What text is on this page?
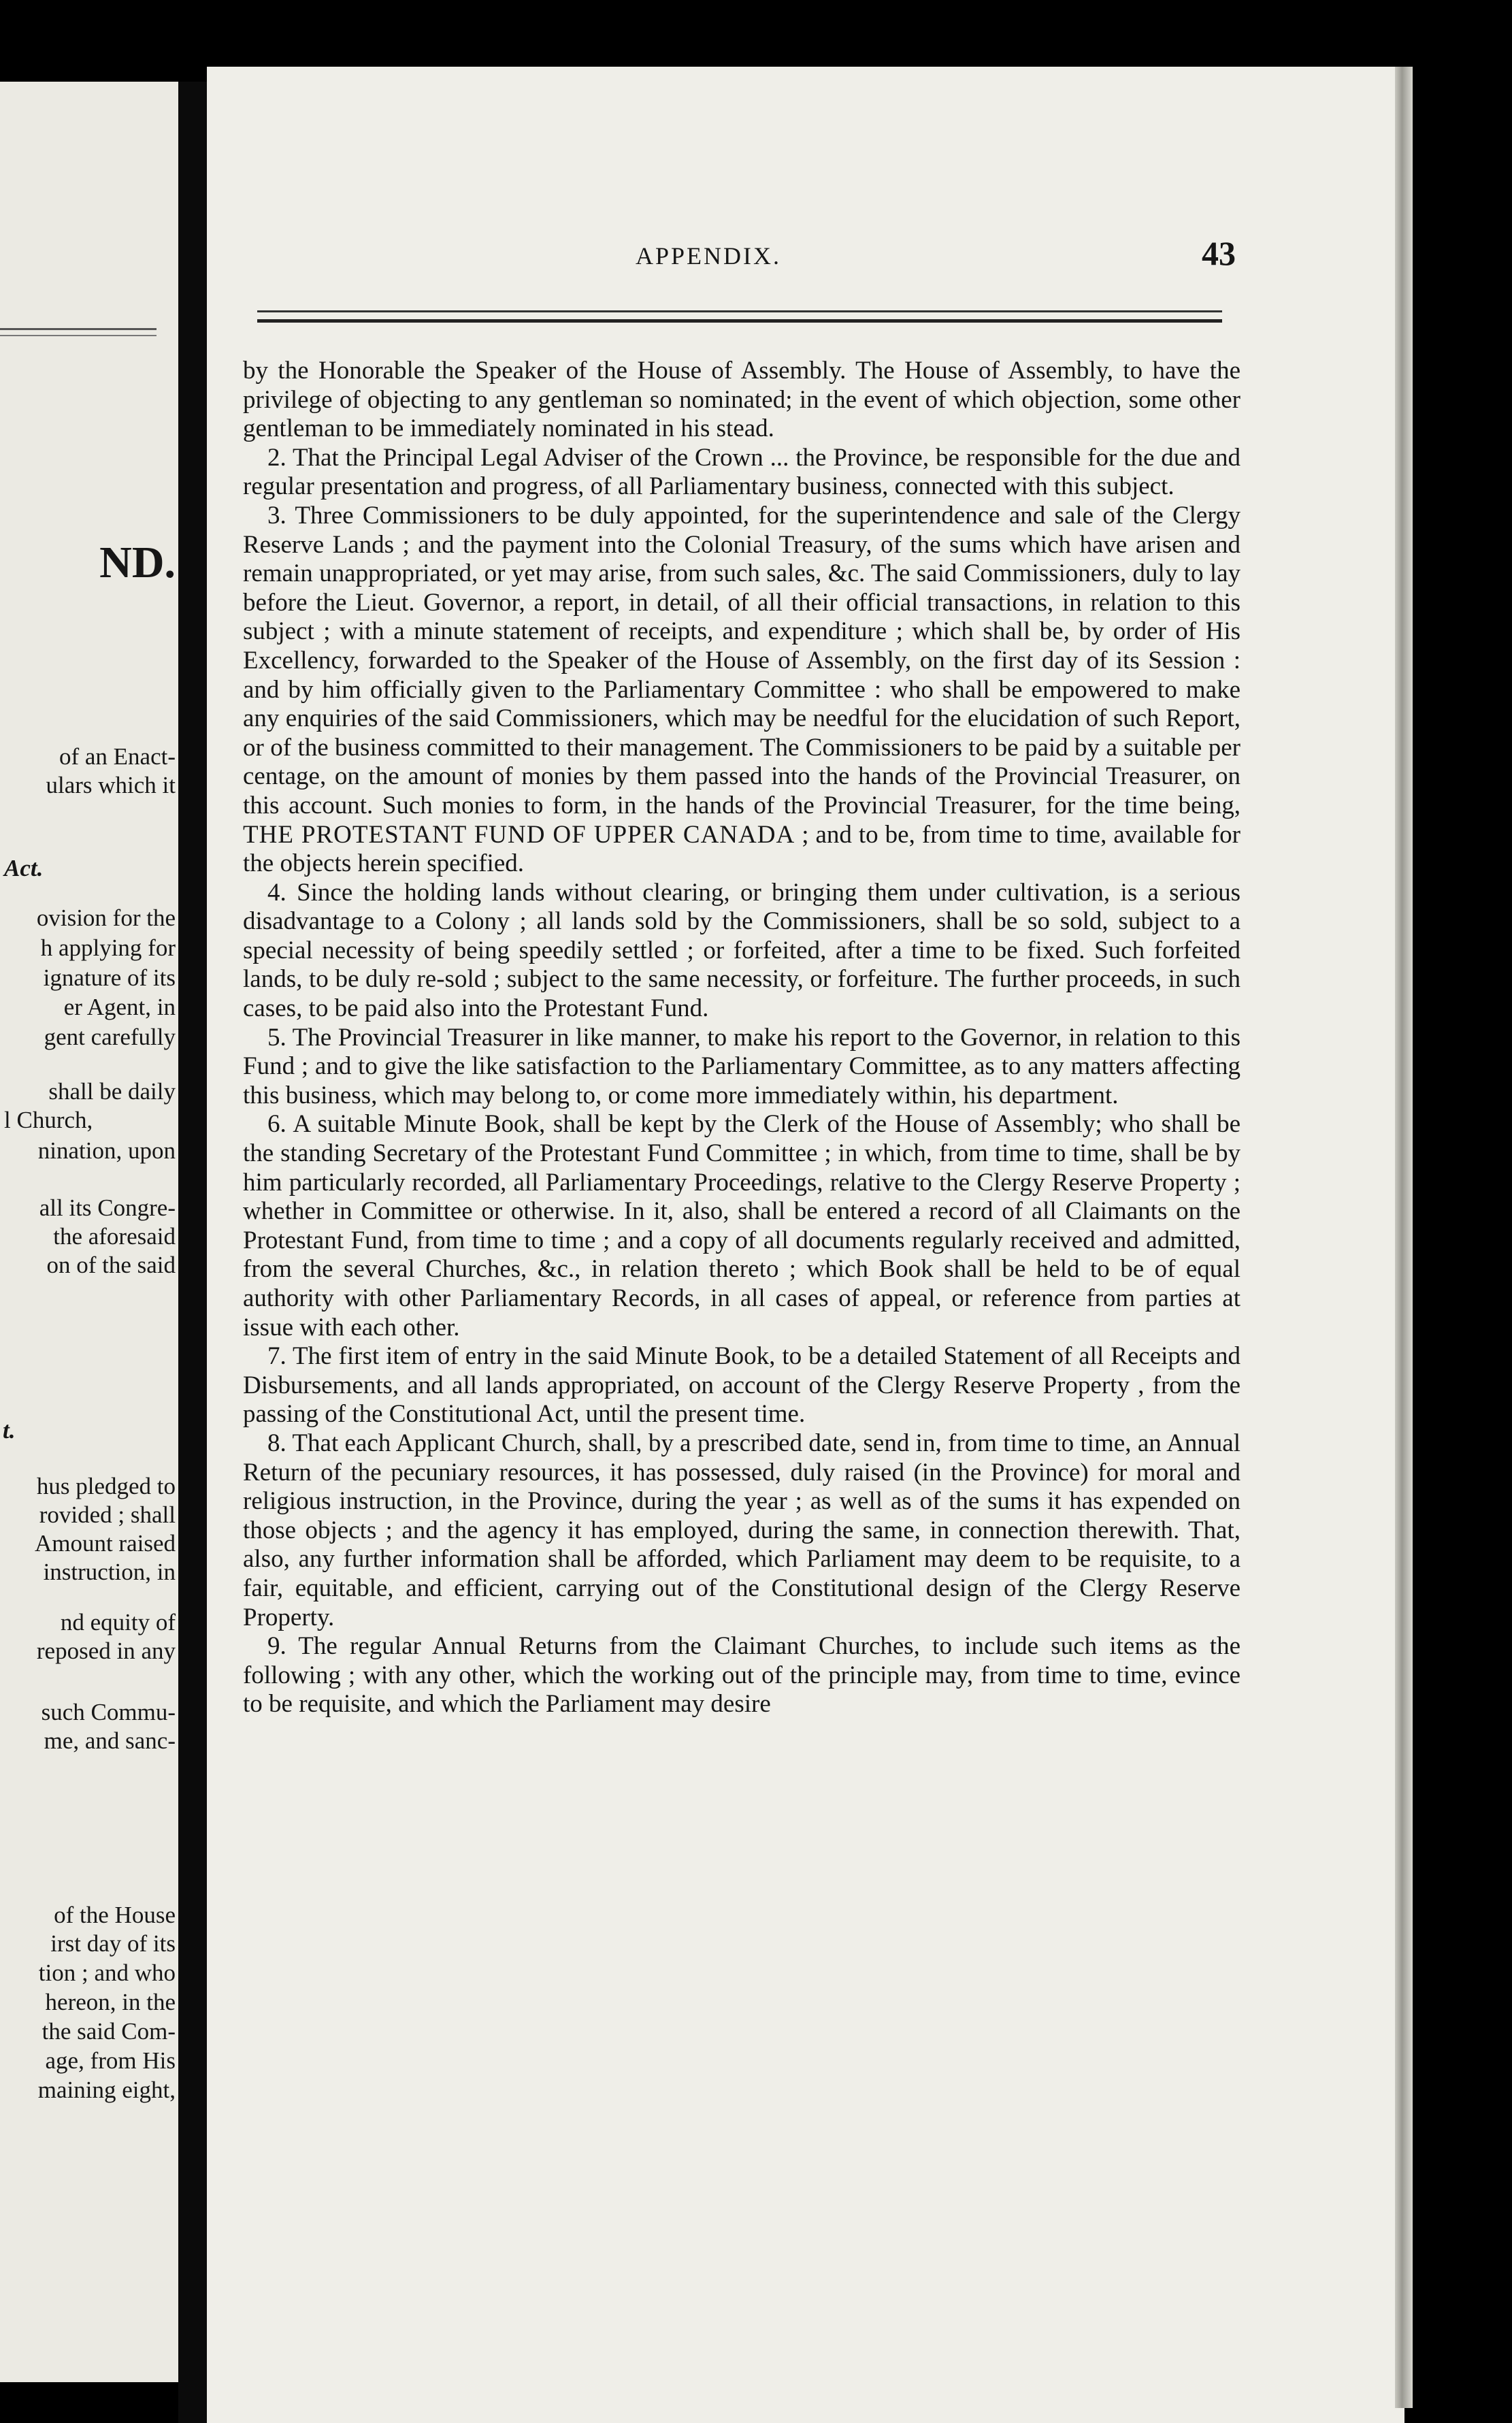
ND.
of an Enact-
ulars which it
Act.
ovision for the
h applying for
ignature of its
er Agent, in
gent carefully
shall be daily
l Church,
nination, upon
all its Congre-
the aforesaid
on of the said
t.
hus pledged to
rovided ; shall
Amount raised
instruction, in
nd equity of
reposed in any
such Commu-
me, and sanc-
of the House
irst day of its
tion ; and who
hereon, in the
the said Com-
age, from His
maining eight,
APPENDIX.	43

by the Honorable the Speaker of the House of Assembly. The House of Assembly, to have the privilege of objecting to any gentleman so nominated; in the event of which objection, some other gentleman to be immediately nominated in his stead.

2. That the Principal Legal Adviser of the Crown ... the Province, be responsible for the due and regular presentation and progress, of all Parliamentary business, connected with this subject.

3. Three Commissioners to be duly appointed, for the superintendence and sale of the Clergy Reserve Lands ; and the payment into the Colonial Treasury, of the sums which have arisen and remain unappropriated, or yet may arise, from such sales, &c. The said Commissioners, duly to lay before the Lieut. Governor, a report, in detail, of all their official transactions, in relation to this subject ; with a minute statement of receipts, and expenditure ; which shall be, by order of His Excellency, forwarded to the Speaker of the House of Assembly, on the first day of its Session : and by him officially given to the Parliamentary Committee : who shall be empowered to make any enquiries of the said Commissioners, which may be needful for the elucidation of such Report, or of the business committed to their management. The Commissioners to be paid by a suitable per centage, on the amount of monies by them passed into the hands of the Provincial Treasurer, on this account. Such monies to form, in the hands of the Provincial Treasurer, for the time being, THE PROTESTANT FUND OF UPPER CANADA ; and to be, from time to time, available for the objects herein specified.

4. Since the holding lands without clearing, or bringing them under cultivation, is a serious disadvantage to a Colony ; all lands sold by the Commissioners, shall be so sold, subject to a special necessity of being speedily settled ; or forfeited, after a time to be fixed. Such forfeited lands, to be duly re-sold ; subject to the same necessity, or forfeiture. The further proceeds, in such cases, to be paid also into the Protestant Fund.

5. The Provincial Treasurer in like manner, to make his report to the Governor, in relation to this Fund ; and to give the like satisfaction to the Parliamentary Committee, as to any matters affecting this business, which may belong to, or come more immediately within, his department.

6. A suitable Minute Book, shall be kept by the Clerk of the House of Assembly; who shall be the standing Secretary of the Protestant Fund Committee ; in which, from time to time, shall be by him particularly recorded, all Parliamentary Proceedings, relative to the Clergy Reserve Property ; whether in Committee or otherwise. In it, also, shall be entered a record of all Claimants on the Protestant Fund, from time to time ; and a copy of all documents regularly received and admitted, from the several Churches, &c., in relation thereto ; which Book shall be held to be of equal authority with other Parliamentary Records, in all cases of appeal, or reference from parties at issue with each other.

7. The first item of entry in the said Minute Book, to be a detailed Statement of all Receipts and Disbursements, and all lands appropriated, on account of the Clergy Reserve Property , from the passing of the Constitutional Act, until the present time.

8. That each Applicant Church, shall, by a prescribed date, send in, from time to time, an Annual Return of the pecuniary resources, it has possessed, duly raised (in the Province) for moral and religious instruction, in the Province, during the year ; as well as of the sums it has expended on those objects ; and the agency it has employed, during the same, in connection therewith. That, also, any further information shall be afforded, which Parliament may deem to be requisite, to a fair, equitable, and efficient, carrying out of the Constitutional design of the Clergy Reserve Property.

9. The regular Annual Returns from the Claimant Churches, to include such items as the following ; with any other, which the working out of the principle may, from time to time, evince to be requisite, and which the Parliament may desire
